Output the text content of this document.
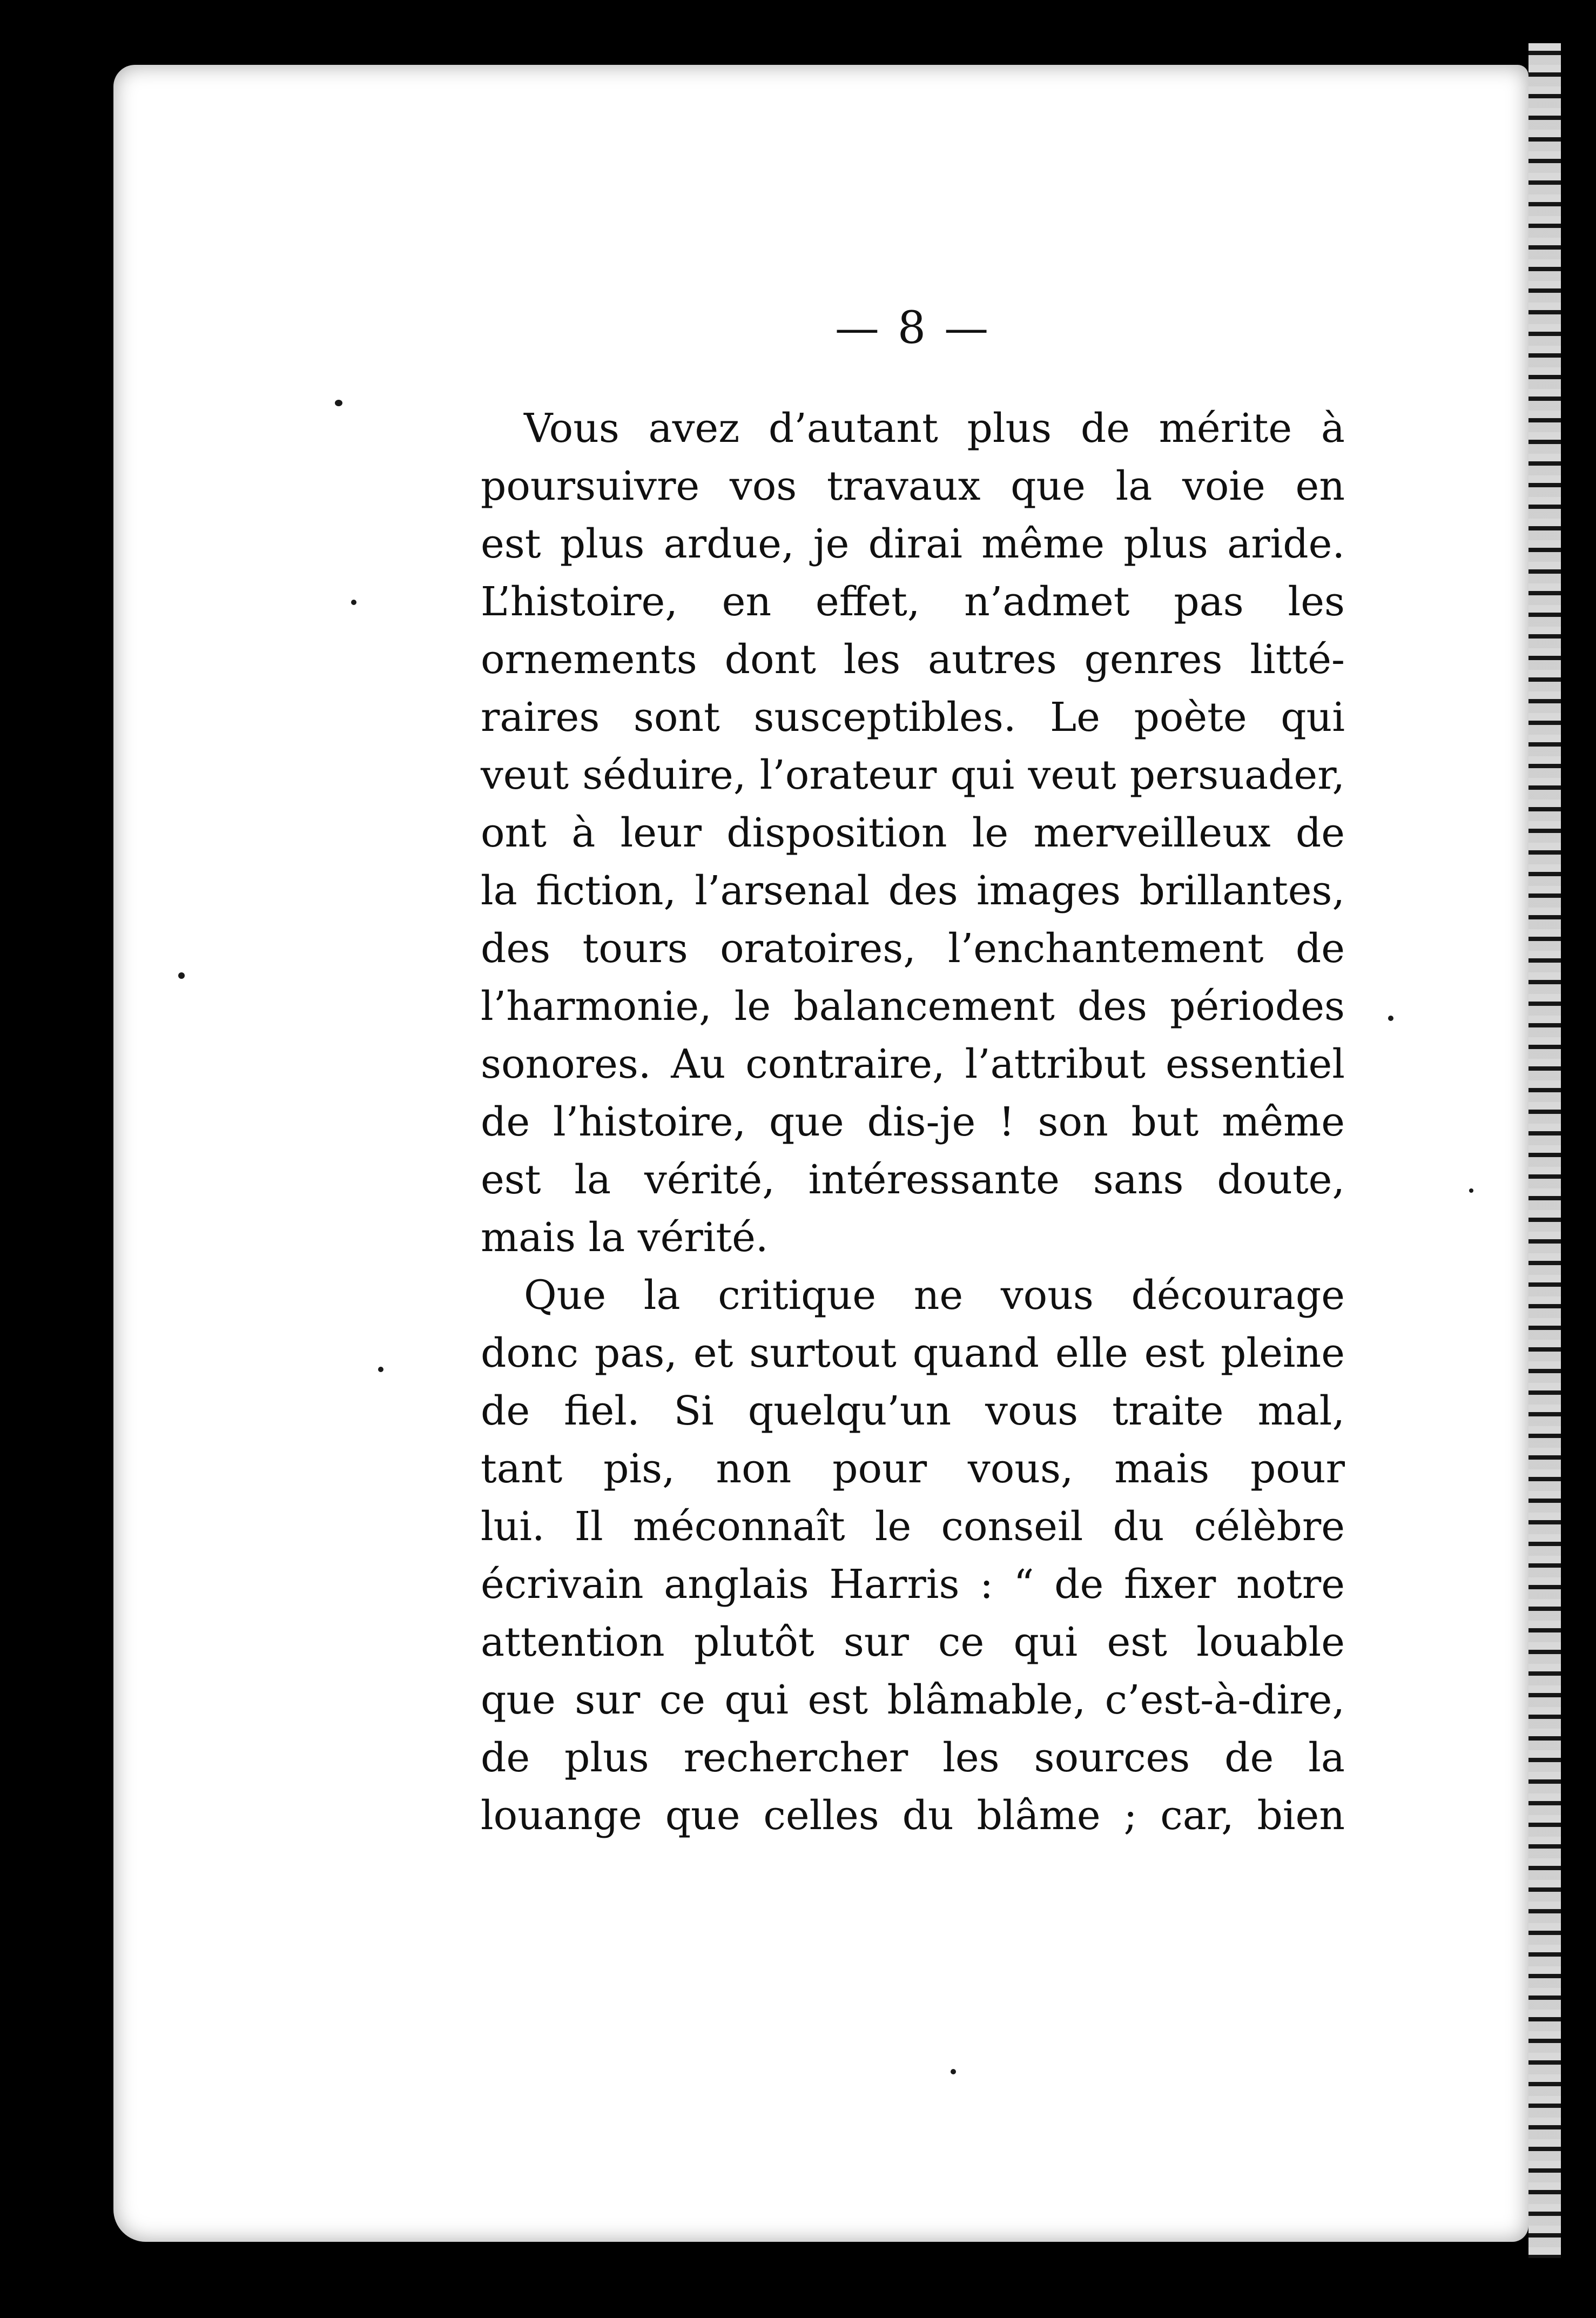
— 8 —
Vous avez d’autant plus de mérite à
poursuivre vos travaux que la voie en
est plus ardue, je dirai même plus aride.
L’histoire, en effet, n’admet pas les
ornements dont les autres genres litté-
raires sont susceptibles. Le poète qui
veut séduire, l’orateur qui veut persuader,
ont à leur disposition le merveilleux de
la fiction, l’arsenal des images brillantes,
des tours oratoires, l’enchantement de
l’harmonie, le balancement des périodes
sonores. Au contraire, l’attribut essentiel
de l’histoire, que dis-je ! son but même
est la vérité, intéressante sans doute,
mais la vérité.
Que la critique ne vous décourage
donc pas, et surtout quand elle est pleine
de fiel. Si quelqu’un vous traite mal,
tant pis, non pour vous, mais pour
lui. Il méconnaît le conseil du célèbre
écrivain anglais Harris : “ de fixer notre
attention plutôt sur ce qui est louable
que sur ce qui est blâmable, c’est-à-dire,
de plus rechercher les sources de la
louange que celles du blâme ; car, bien
